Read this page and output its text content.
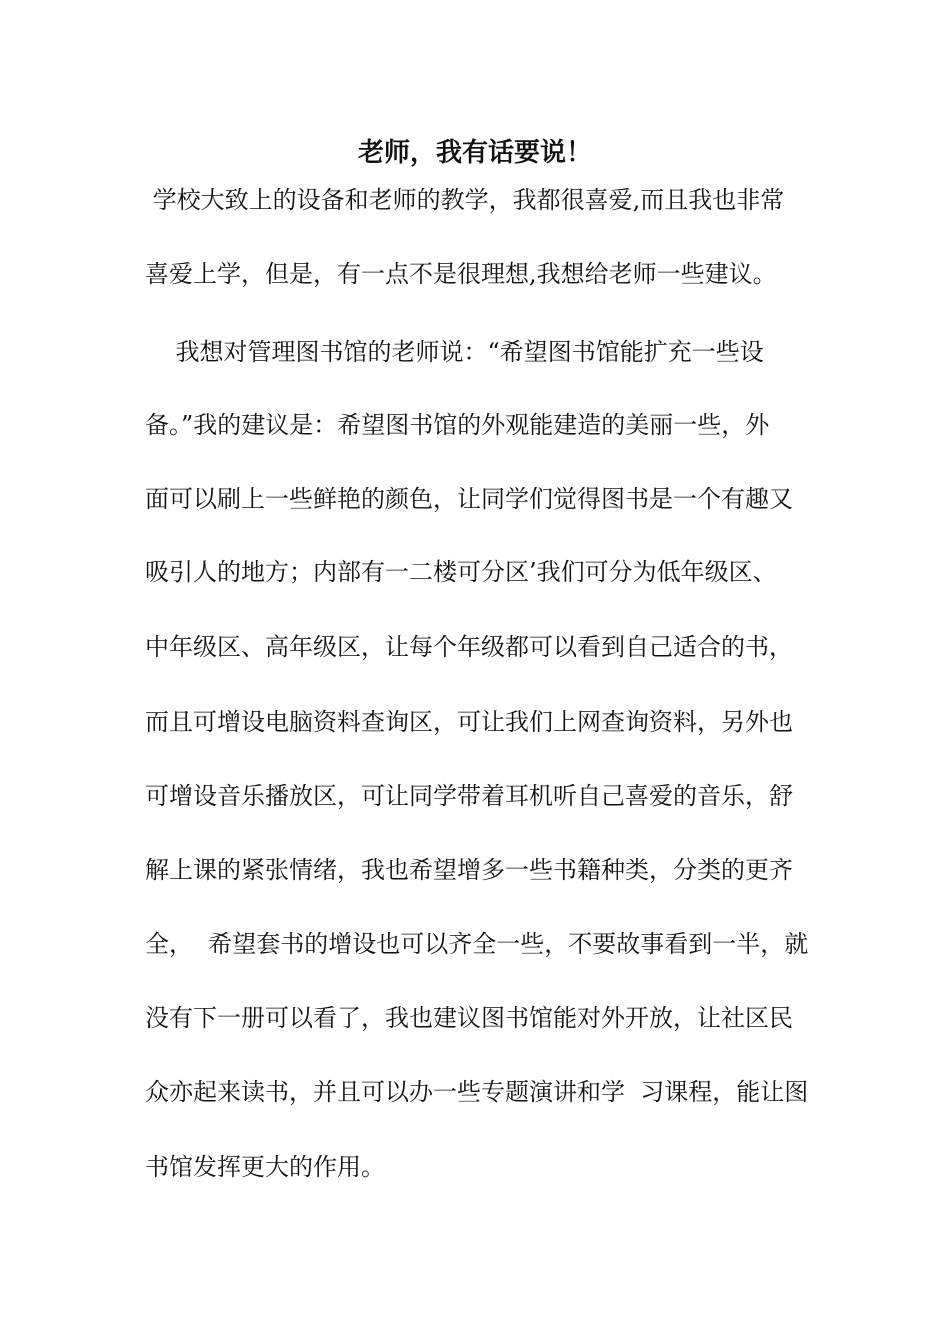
老师，我有话要说！
学校大致上的设备和老师的教学，我都很喜爱,而且我也非常
喜爱上学，但是，有一点不是很理想,我想给老师一些建议。
我想对管理图书馆的老师说：“希望图书馆能扩充一些设
备。”我的建议是：希望图书馆的外观能建造的美丽一些，外
面可以刷上一些鲜艳的颜色，让同学们觉得图书是一个有趣又
吸引人的地方；内部有一二楼可分区’我们可分为低年级区、
中年级区、高年级区，让每个年级都可以看到自己适合的书，
而且可增设电脑资料查询区，可让我们上网查询资料，另外也
可增设音乐播放区，可让同学带着耳机听自己喜爱的音乐，舒
解上课的紧张情绪，我也希望增多一些书籍种类，分类的更齐
全，  希望套书的增设也可以齐全一些，不要故事看到一半，就
没有下一册可以看了，我也建议图书馆能对外开放，让社区民
众亦起来读书，并且可以办一些专题演讲和学  习课程，能让图
书馆发挥更大的作用。
